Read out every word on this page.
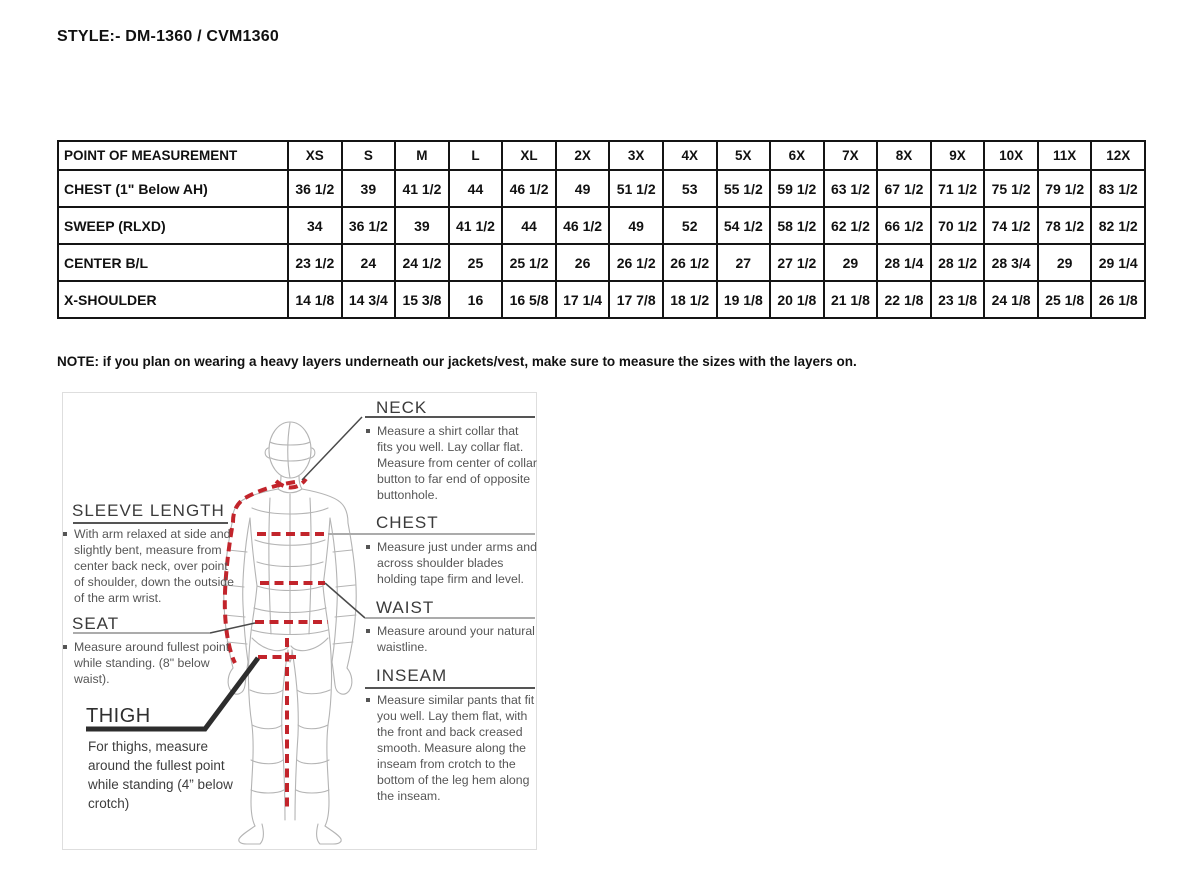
STYLE:- DM-1360 / CVM1360
POINT OF MEASUREMENT	XS	S	M	L	XL	2X	3X	4X	5X	6X	7X	8X	9X	10X	11X	12X
CHEST (1" Below AH)	36 1/2	39	41 1/2	44	46 1/2	49	51 1/2	53	55 1/2	59 1/2	63 1/2	67 1/2	71 1/2	75 1/2	79 1/2	83 1/2
SWEEP (RLXD)	34	36 1/2	39	41 1/2	44	46 1/2	49	52	54 1/2	58 1/2	62 1/2	66 1/2	70 1/2	74 1/2	78 1/2	82 1/2
CENTER B/L	23 1/2	24	24 1/2	25	25 1/2	26	26 1/2	26 1/2	27	27 1/2	29	28 1/4	28 1/2	28 3/4	29	29 1/4
X-SHOULDER	14 1/8	14 3/4	15 3/8	16	16 5/8	17 1/4	17 7/8	18 1/2	19 1/8	20 1/8	21 1/8	22 1/8	23 1/8	24 1/8	25 1/8	26 1/8
NOTE: if you plan on wearing a heavy layers underneath our jackets/vest, make sure to measure the sizes with the layers on.
NECK

Measure a shirt collar that fits you well. Lay collar flat. Measure from center of collar button to far end of opposite buttonhole.

CHEST

Measure just under arms and across shoulder blades holding tape firm and level.

WAIST

Measure around your natural waistline.

INSEAM

Measure similar pants that fit you well. Lay them flat, with the front and back creased smooth. Measure along the inseam from crotch to the bottom of the leg hem along the inseam.

SLEEVE LENGTH

With arm relaxed at side and slightly bent, measure from center back neck, over point of shoulder, down the outside of the arm wrist.

SEAT

Measure around fullest point while standing. (8" below waist).

THIGH

For thighs, measure around the fullest point while standing (4” below crotch)
